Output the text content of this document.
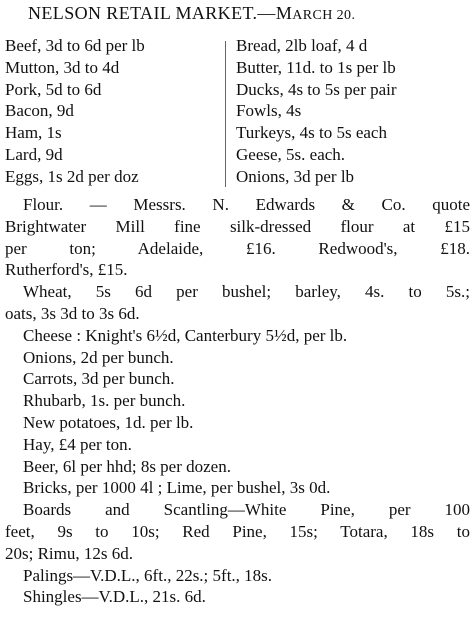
NELSON RETAIL MARKET.—MARCH 20.
Beef, 3d to 6d per lb
Mutton, 3d to 4d
Pork, 5d to 6d
Bacon, 9d
Ham, 1s
Lard, 9d
Eggs, 1s 2d per doz
Bread, 2lb loaf, 4 d
Butter, 11d. to 1s per lb
Ducks, 4s to 5s per pair
Fowls, 4s
Turkeys, 4s to 5s each
Geese, 5s. each.
Onions, 3d per lb
Flour. — Messrs. N. Edwards & Co. quote
Brightwater Mill fine silk-dressed flour at £15
per ton; Adelaide, £16. Redwood's, £18.
Rutherford's, £15.
Wheat, 5s 6d per bushel; barley, 4s. to 5s.;
oats, 3s 3d to 3s 6d.
Cheese : Knight's 6½d, Canterbury 5½d, per lb.
Onions, 2d per bunch.
Carrots, 3d per bunch.
Rhubarb, 1s. per bunch.
New potatoes, 1d. per lb.
Hay, £4 per ton.
Beer, 6l per hhd; 8s per dozen.
Bricks, per 1000 4l ; Lime, per bushel, 3s 0d.
Boards and Scantling—White Pine, per 100
feet, 9s to 10s; Red Pine, 15s; Totara, 18s to
20s; Rimu, 12s 6d.
Palings—V.D.L., 6ft., 22s.; 5ft., 18s.
Shingles—V.D.L., 21s. 6d.
